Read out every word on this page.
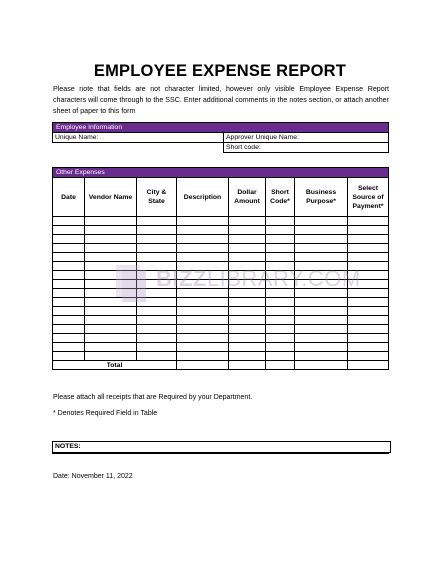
EMPLOYEE EXPENSE REPORT
Please note that fields are not character limited, however only visible Employee Expense Report characters will come through to the SSC. Enter additional comments in the notes section, or attach another sheet of paper to this form
Employee Information	
Unique Name:	Approver Unique Name:
	Short code:
Other Expenses							
Date	Vendor Name	City & State	Description	Dollar Amount	Short Code*	Business Purpose*	Select Source of Payment*

Total							
BIZZLIBRARY.COM
Please attach all receipts that are Required by your Department.
* Denotes Required Field in Table
NOTES:
Date: November 11, 2022
